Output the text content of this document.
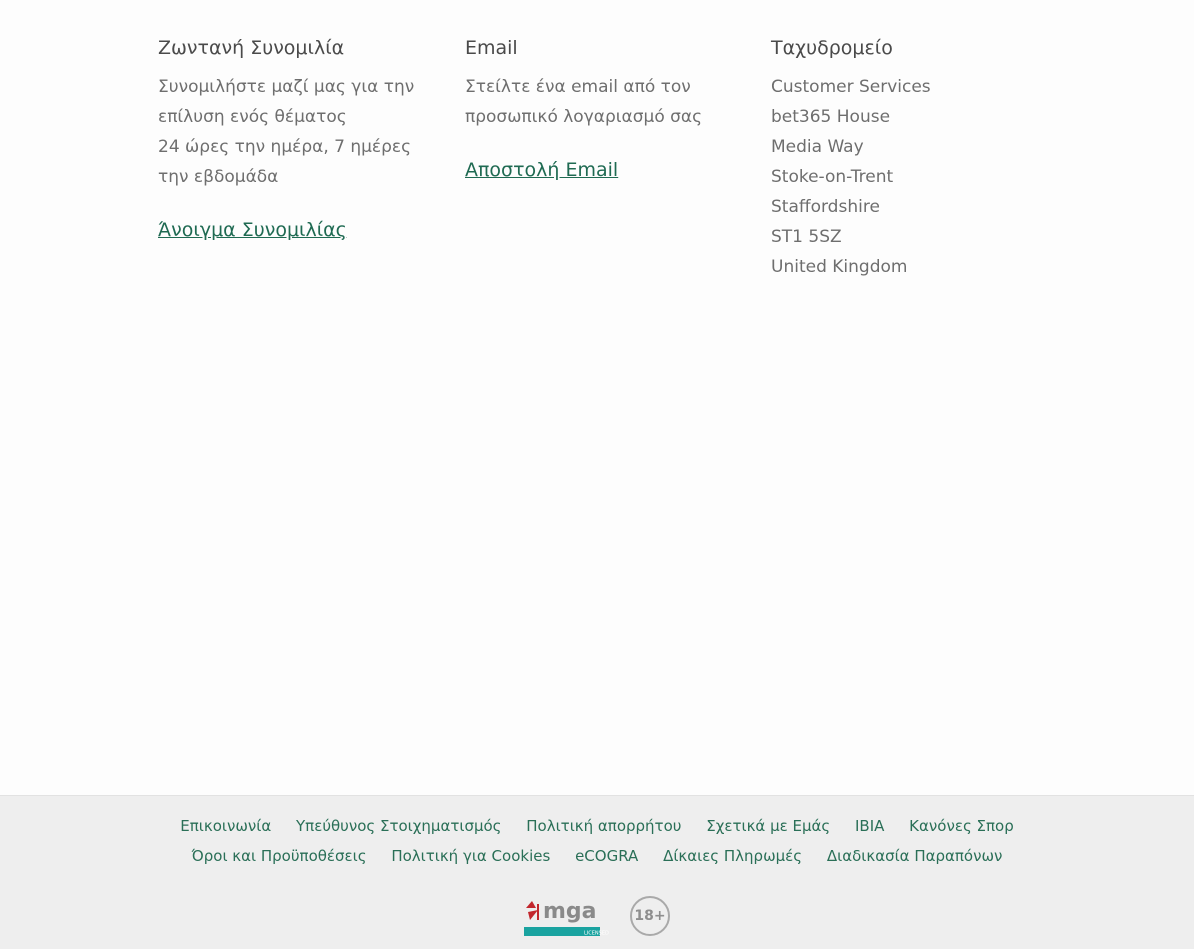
Ζωντανή Συνομιλία

Συνομιλήστε μαζί μας για την
επίλυση ενός θέματος
24 ώρες την ημέρα, 7 ημέρες
την εβδομάδα

Άνοιγμα Συνομιλίας
Email

Στείλτε ένα email από τον
προσωπικό λογαριασμό σας

Αποστολή Email
Ταχυδρομείο

Customer Services
bet365 House
Media Way
Stoke-on-Trent
Staffordshire
ST1 5SZ
United Kingdom

Επικοινωνία Υπεύθυνος Στοιχηματισμός Πολιτική απορρήτου Σχετικά με Εμάς IBIA Κανόνες Σπορ
Όροι και Προϋποθέσεις Πολιτική για Cookies eCOGRA Δίκαιες Πληρωμές Διαδικασία Παραπόνων
mga
LICENSED
18+
